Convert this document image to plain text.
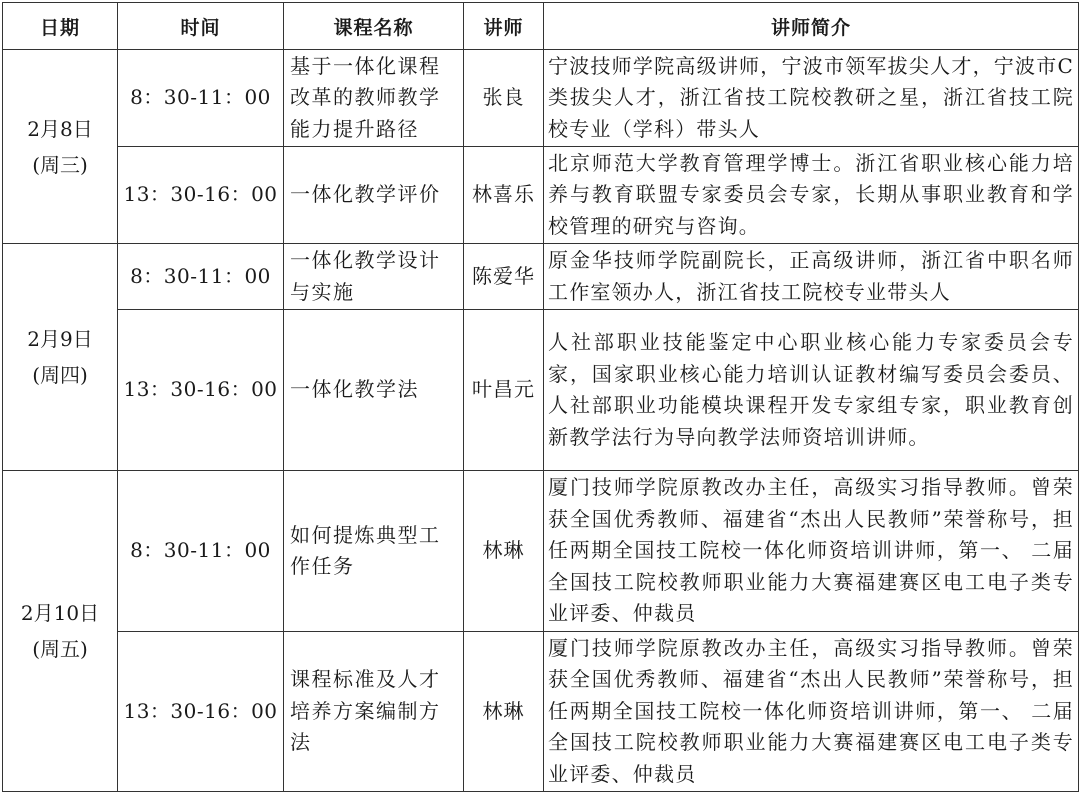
日期	时间	课程名称	讲师	讲师简介

2月8日
(周三)	8：30-11：00	基于一体化课程改革的教师教学能力提升路径	张良	宁波技师学院高级讲师，宁波市领军拔尖人才，宁波市C类拔尖人才，浙江省技工院校教研之星，浙江省技工院校专业（学科）带头人
	13：30-16：00	一体化教学评价	林喜乐	北京师范大学教育管理学博士。浙江省职业核心能力培养与教育联盟专家委员会专家，长期从事职业教育和学校管理的研究与咨询。

2月9日
(周四)	8：30-11：00	一体化教学设计与实施	陈爱华	原金华技师学院副院长，正高级讲师，浙江省中职名师工作室领办人，浙江省技工院校专业带头人
	13：30-16：00	一体化教学法	叶昌元	人社部职业技能鉴定中心职业核心能力专家委员会专家，国家职业核心能力培训认证教材编写委员会委员、人社部职业功能模块课程开发专家组专家，职业教育创新教学法行为导向教学法师资培训讲师。

2月10日
(周五)	8：30-11：00	如何提炼典型工作任务	林琳	厦门技师学院原教改办主任，高级实习指导教师。曾荣获全国优秀教师、福建省“杰出人民教师”荣誉称号，担任两期全国技工院校一体化师资培训讲师，第一、 二届全国技工院校教师职业能力大赛福建赛区电工电子类专业评委、仲裁员
	13：30-16：00	课程标准及人才培养方案编制方法	林琳	厦门技师学院原教改办主任，高级实习指导教师。曾荣获全国优秀教师、福建省“杰出人民教师”荣誉称号，担任两期全国技工院校一体化师资培训讲师，第一、 二届全国技工院校教师职业能力大赛福建赛区电工电子类专业评委、仲裁员
